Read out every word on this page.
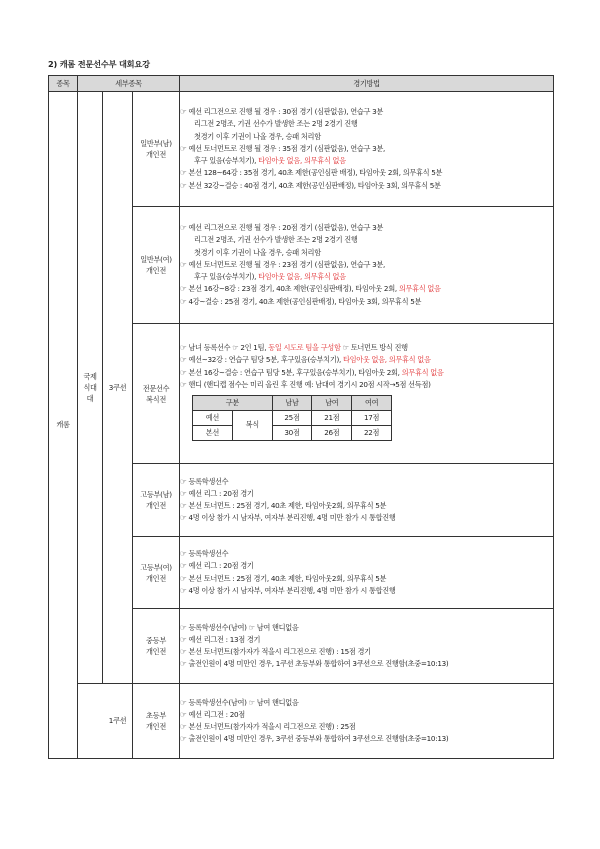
2) 캐롬 전문선수부 대회요강
종목	세부종목	경기방법
캐롬	국제식대대	3쿠션	일반부(남)
개인전	
☞ 예선 리그전으로 진행 될 경우 : 30점 경기 (심판없음), 연습구 3분
리그전 2명조, 기권 선수가 발생한 조는 2명 2경기 진행
첫경기 이후 기권이 나올 경우, 승패 처리함
☞ 예선 토너먼트로 진행 될 경우 : 35점 경기 (심판없음), 연습구 3분,
후구 있음(승부치기), 타임아웃 없음, 의무휴식 없음
☞ 본선 128~64강 : 35점 경기, 40초 제한(공인심판 배정), 타임아웃 2회, 의무휴식 5분
☞ 본선 32강~결승 : 40점 경기, 40초 제한(공인심판배정), 타임아웃 3회, 의무휴식 5분

일반부(여)
개인전	
☞ 예선 리그전으로 진행 될 경우 : 20점 경기 (심판없음), 연습구 3분
리그전 2명조, 기권 선수가 발생한 조는 2명 2경기 진행
첫경기 이후 기권이 나올 경우, 승패 처리함
☞ 예선 토너먼트로 진행 될 경우 : 23점 경기 (심판없음), 연습구 3분,
후구 있음(승부치기), 타임아웃 없음, 의무휴식 없음
☞ 본선 16강~8강 : 23점 경기, 40초 제한(공인심판배정), 타임아웃 2회, 의무휴식 없음
☞ 4강~결승 : 25점 경기, 40초 제한(공인심판배정), 타임아웃 3회, 의무휴식 5분

전문선수
복식전	
☞ 남녀 등록선수 ☞ 2인 1팀, 동일 시도로 팀을 구성함 ☞ 토너먼트 방식 진행
☞ 예선~32강 : 연습구 팀당 5분, 후구있음(승부치기), 타임아웃 없음, 의무휴식 없음
☞ 본선 16강~결승 : 연습구 팀당 5분, 후구있음(승부치기), 타임아웃 2회, 의무휴식 없음
☞ 핸디 (핸디캡 점수는 미리 올린 후 진행 예: 남대여 경기시 20점 시작→5점 선득점)
구분	남남	남여	여여
예선	복식	25점	21점	17점
본선	30점	26점	22점

고등부(남)
개인전	
☞ 등록학생선수
☞ 예선 리그 : 20점 경기
☞ 본선 토너먼트 : 25점 경기, 40초 제한, 타임아웃2회, 의무휴식 5분
☞ 4명 이상 참가 시 남자부, 여자부 분리진행, 4명 미만 참가 시 통합진행

고등부(여)
개인전	
☞ 등록학생선수
☞ 예선 리그 : 20점 경기
☞ 본선 토너먼트 : 25점 경기, 40초 제한, 타임아웃2회, 의무휴식 5분
☞ 4명 이상 참가 시 남자부, 여자부 분리진행, 4명 미만 참가 시 통합진행

중등부
개인전	
☞ 등록학생선수(남여) ☞ 남여 핸디없음
☞ 예선 리그전 : 13점 경기
☞ 본선 토너먼트(참가자가 적을시 리그전으로 진행) : 15점 경기
☞ 출전인원이 4명 미만인 경우, 1쿠션 초등부와 통합하여 3쿠션으로 진행함(초중=10:13)

1쿠션	초등부
개인전	
☞ 등록학생선수(남여) ☞ 남여 핸디없음
☞ 예선 리그전 : 20점
☞ 본선 토너먼트(참가자가 적을시 리그전으로 진행) : 25점
☞ 출전인원이 4명 미만인 경우, 3쿠션 중등부와 통합하여 3쿠션으로 진행함(초중=10:13)
